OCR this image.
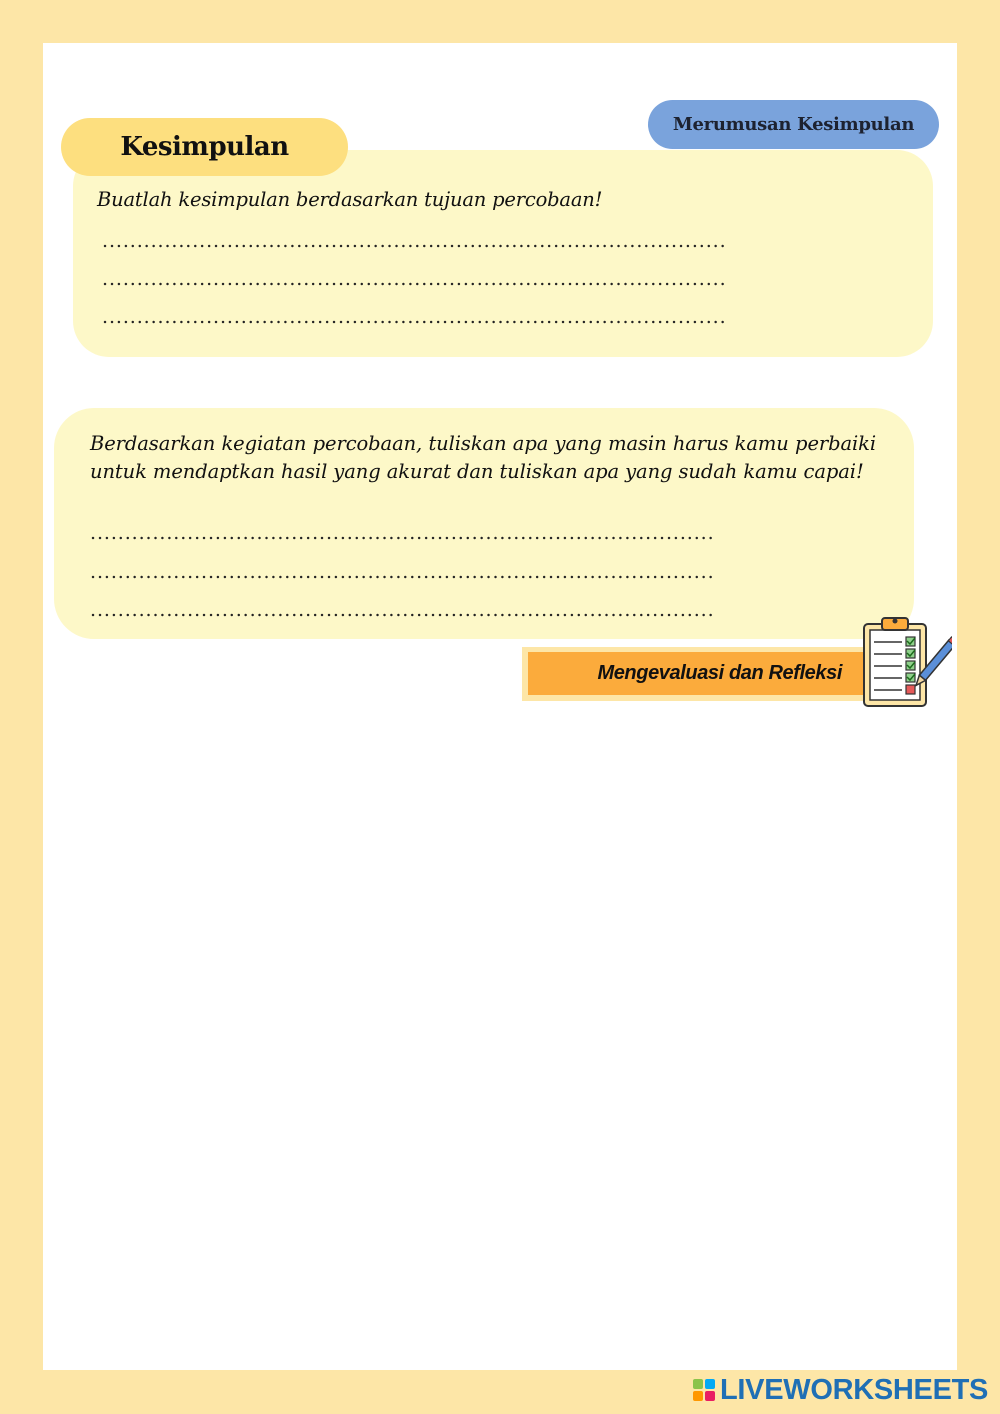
Merumusan Kesimpulan
Kesimpulan
Buatlah kesimpulan berdasarkan tujuan percobaan!
..........................................................................................
..........................................................................................
..........................................................................................
Berdasarkan kegiatan percobaan, tuliskan apa yang masin harus kamu perbaiki untuk mendaptkan hasil yang akurat dan tuliskan apa yang sudah kamu capai!
..........................................................................................
..........................................................................................
..........................................................................................
Mengevaluasi dan Refleksi
LIVEWORKSHEETS
